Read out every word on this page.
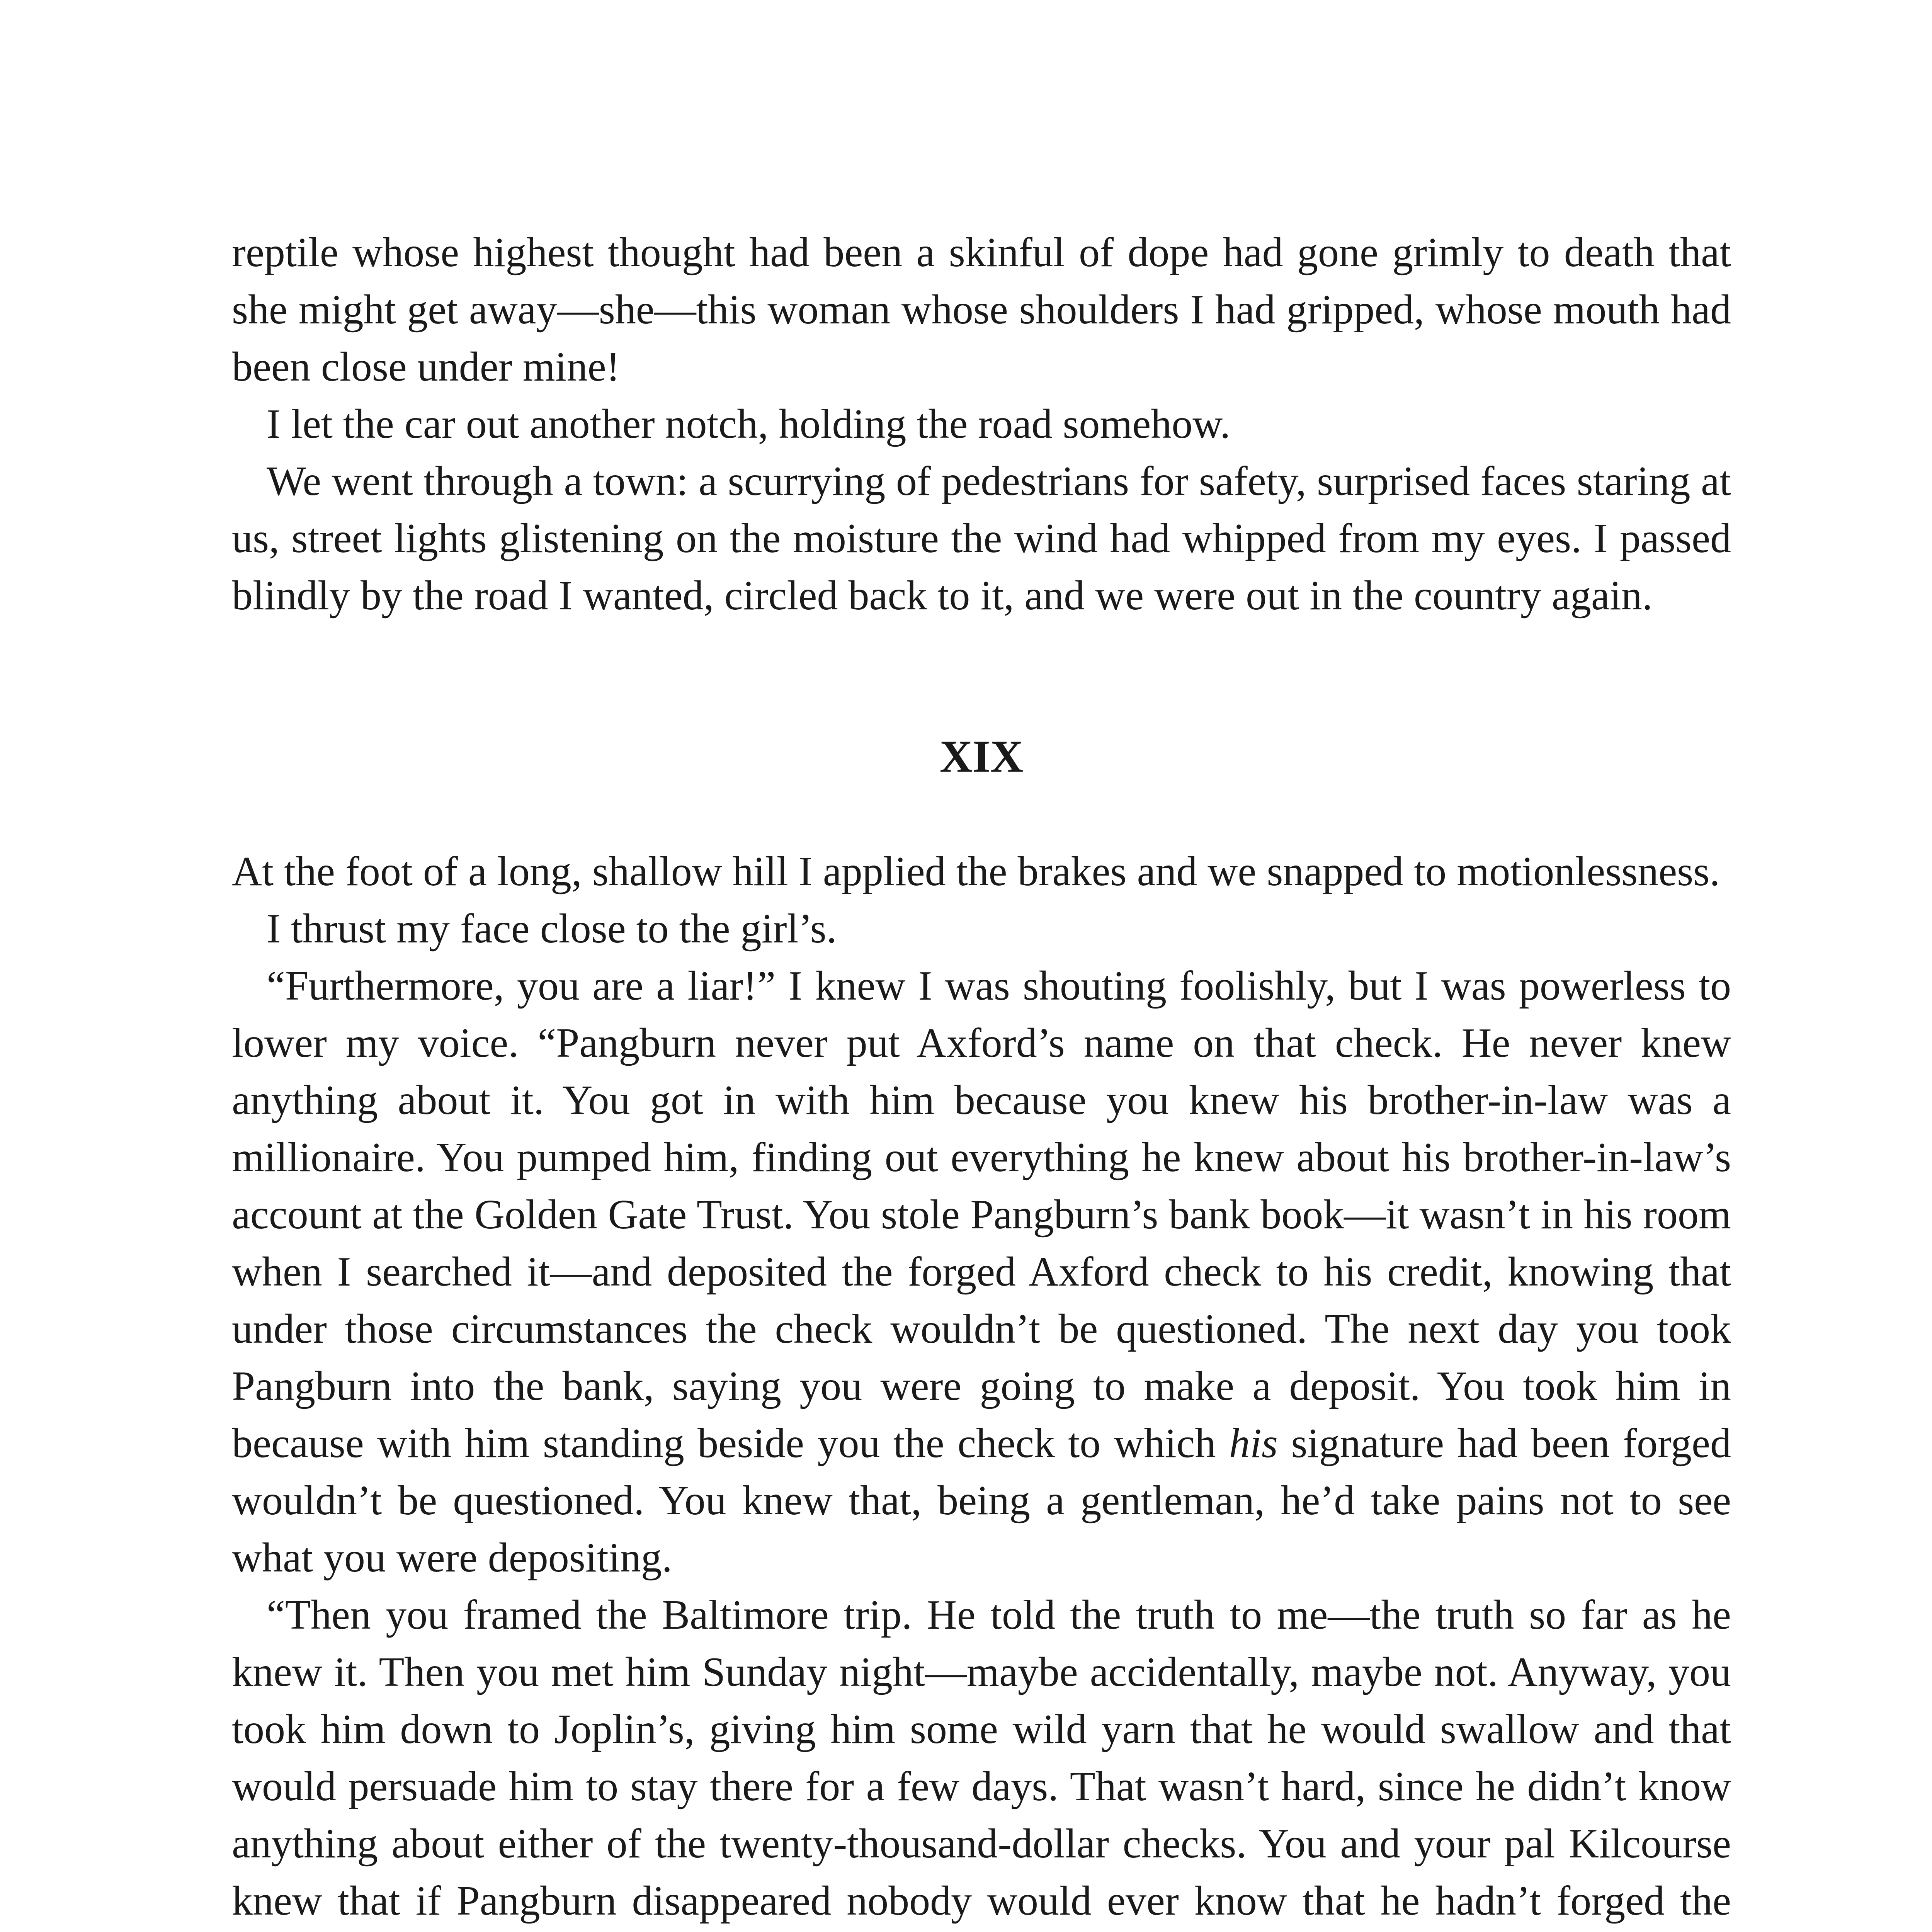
reptile whose highest thought had been a skinful of dope had gone grimly to death that she might get away—she—this woman whose shoulders I had gripped, whose mouth had been close under mine!

I let the car out another notch, holding the road somehow.

We went through a town: a scurrying of pedestrians for safety, surprised faces staring at us, street lights glistening on the moisture the wind had whipped from my eyes. I passed blindly by the road I wanted, circled back to it, and we were out in the country again.

XIX

At the foot of a long, shallow hill I applied the brakes and we snapped to motionlessness.

I thrust my face close to the girl’s.

“Furthermore, you are a liar!” I knew I was shouting foolishly, but I was powerless to lower my voice. “Pangburn never put Axford’s name on that check. He never knew anything about it. You got in with him because you knew his brother-in-law was a millionaire. You pumped him, finding out everything he knew about his brother-in-law’s account at the Golden Gate Trust. You stole Pangburn’s bank book—it wasn’t in his room when I searched it—and deposited the forged Axford check to his credit, knowing that under those circumstances the check wouldn’t be questioned. The next day you took Pangburn into the bank, saying you were going to make a deposit. You took him in because with him standing beside you the check to which his signature had been forged wouldn’t be questioned. You knew that, being a gentleman, he’d take pains not to see what you were depositing.

“Then you framed the Baltimore trip. He told the truth to me—the truth so far as he knew it. Then you met him Sunday night—maybe accidentally, maybe not. Anyway, you took him down to Joplin’s, giving him some wild yarn that he would swallow and that would persuade him to stay there for a few days. That wasn’t hard, since he didn’t know anything about either of the twenty-thousand-dollar checks. You and your pal Kilcourse knew that if Pangburn disappeared nobody would ever know that he hadn’t forged the
